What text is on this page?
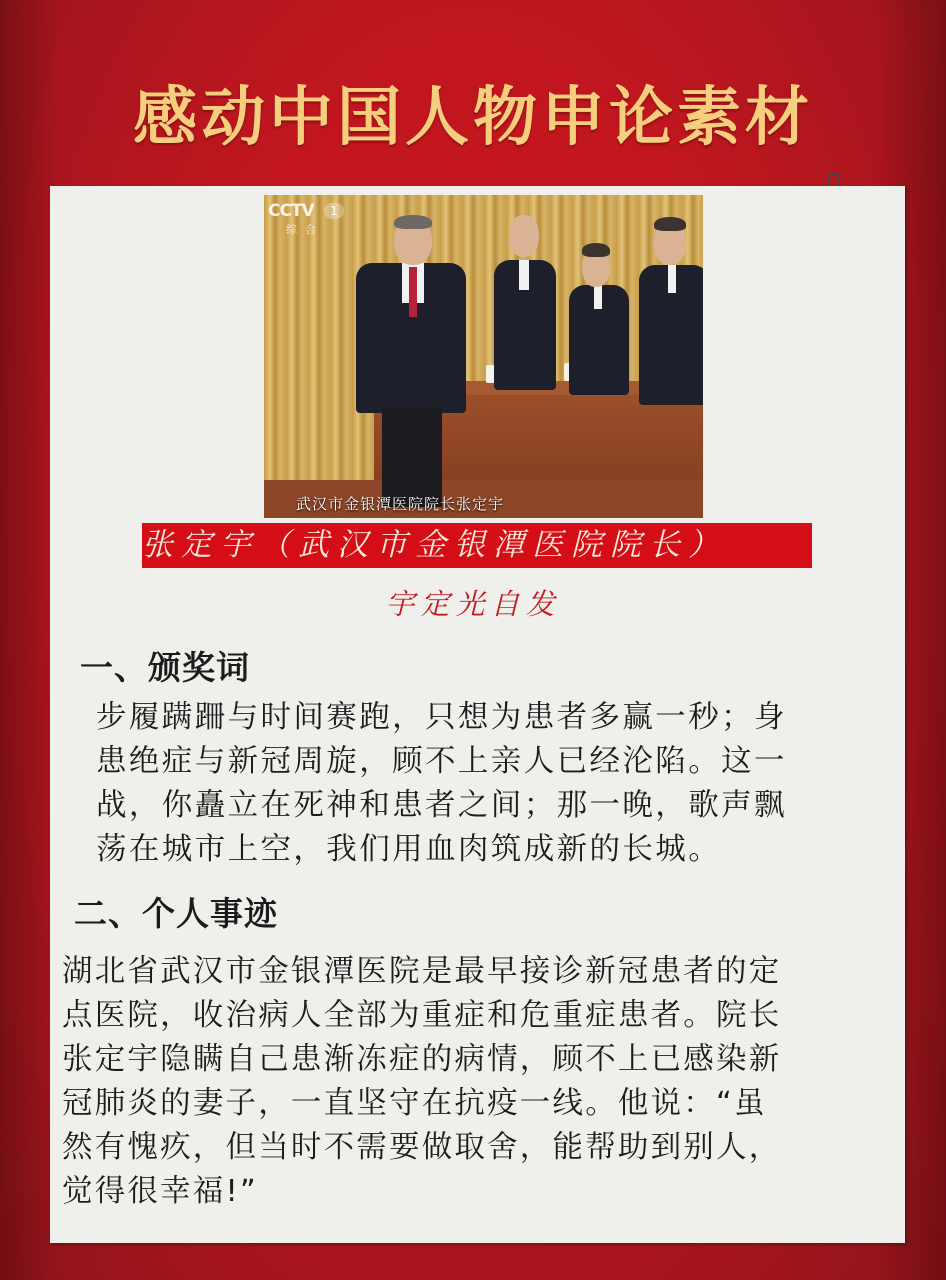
感动中国人物申论素材
CCTV	1
综合
武汉市金银潭医院院长张定宇
张定宇（武汉市金银潭医院院长）
宇定光自发
一、颁奖词
步履蹒跚与时间赛跑，只想为患者多赢一秒；身
患绝症与新冠周旋，顾不上亲人已经沦陷。这一
战，你矗立在死神和患者之间；那一晚，歌声飘
荡在城市上空，我们用血肉筑成新的长城。
二、个人事迹
湖北省武汉市金银潭医院是最早接诊新冠患者的定
点医院，收治病人全部为重症和危重症患者。院长
张定宇隐瞒自己患渐冻症的病情，顾不上已感染新
冠肺炎的妻子，一直坚守在抗疫一线。他说：“虽
然有愧疚，但当时不需要做取舍，能帮助到别人，
觉得很幸福!”
